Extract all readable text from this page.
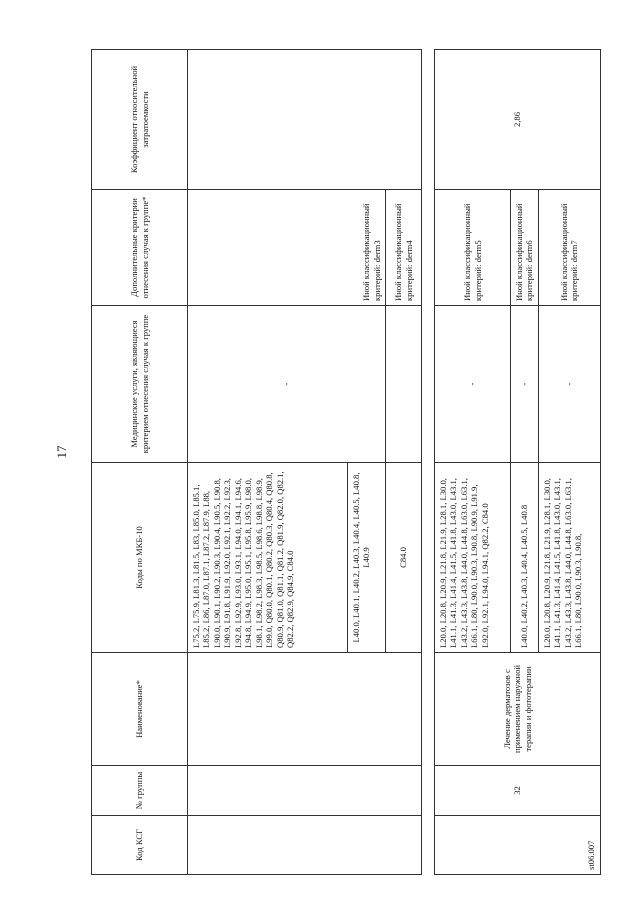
17
Код КСГ	№ группы	Наименование*	Коды по МКБ-10	Медицинские услуги, являющиеся критерием отнесения случая к группе	Дополнительные критерии отнесения случая к группе*	Коэффициент относительной затратоемкости
			L75.2, L75.9, L81.3, L81.5, L83, L85.0, L85.1, L85.2, L86, L87.0, L87.1, L87.2, L87.9, L88, L90.0, L90.1, L90.2, L90.3, L90.4, L90.5, L90.8, L90.9, L91.8, L91.9, L92.0, L92.1, L92.2, L92.3, L92.8, L92.9, L93.0, L93.1, L94.0, L94.1, L94.6, L94.8, L94.9, L95.0, L95.1, L95.8, L95.9, L98.0, L98.1, L98.2, L98.3, L98.5, L98.6, L98.8, L98.9, L99.0, Q80.0, Q80.1, Q80.2, Q80.3, Q80.4, Q80.8, Q80.9, Q81.0, Q81.1, Q81.2, Q81.9, Q82.0, Q82.1, Q82.2, Q82.9, Q84.9, C84.0	-	Иной классификационный критерий: derm3	
			L40.0, L40.1, L40.2, L40.3, L40.4, L40.5, L40.8, L40.9			
			C84.0		Иной классификационный критерий: derm4	

st06.007	32	Лечение дерматозов с применением наружной терапии и фототерапии	L20.0, L20.8, L20.9, L21.8, L21.9, L28.1, L30.0, L41.1, L41.3, L41.4, L41.5, L41.8, L43.0, L43.1, L43.2, L43.3, L43.8, L44.0, L44.8, L63.0, L63.1, L66.1, L80, L90.0, L90.3, L90.8, L90.9, L91.9, L92.0, L92.1, L94.0, L94.1, Q82.2, C84.0	-	Иной классификационный критерий: derm5	2,86
			L40.0, L40.2, L40.3, L40.4, L40.5, L40.8	-	Иной классификационный критерий: derm6	
			L20.0, L20.8, L20.9, L21.8, L21.9, L28.1, L30.0, L41.1, L41.3, L41.4, L41.5, L41.8, L43.0, L43.1, L43.2, L43.3, L43.8, L44.0, L44.8, L63.0, L63.1, L66.1, L80, L90.0, L90.3, L90.8,	-	Иной классификационный критерий: derm7	
